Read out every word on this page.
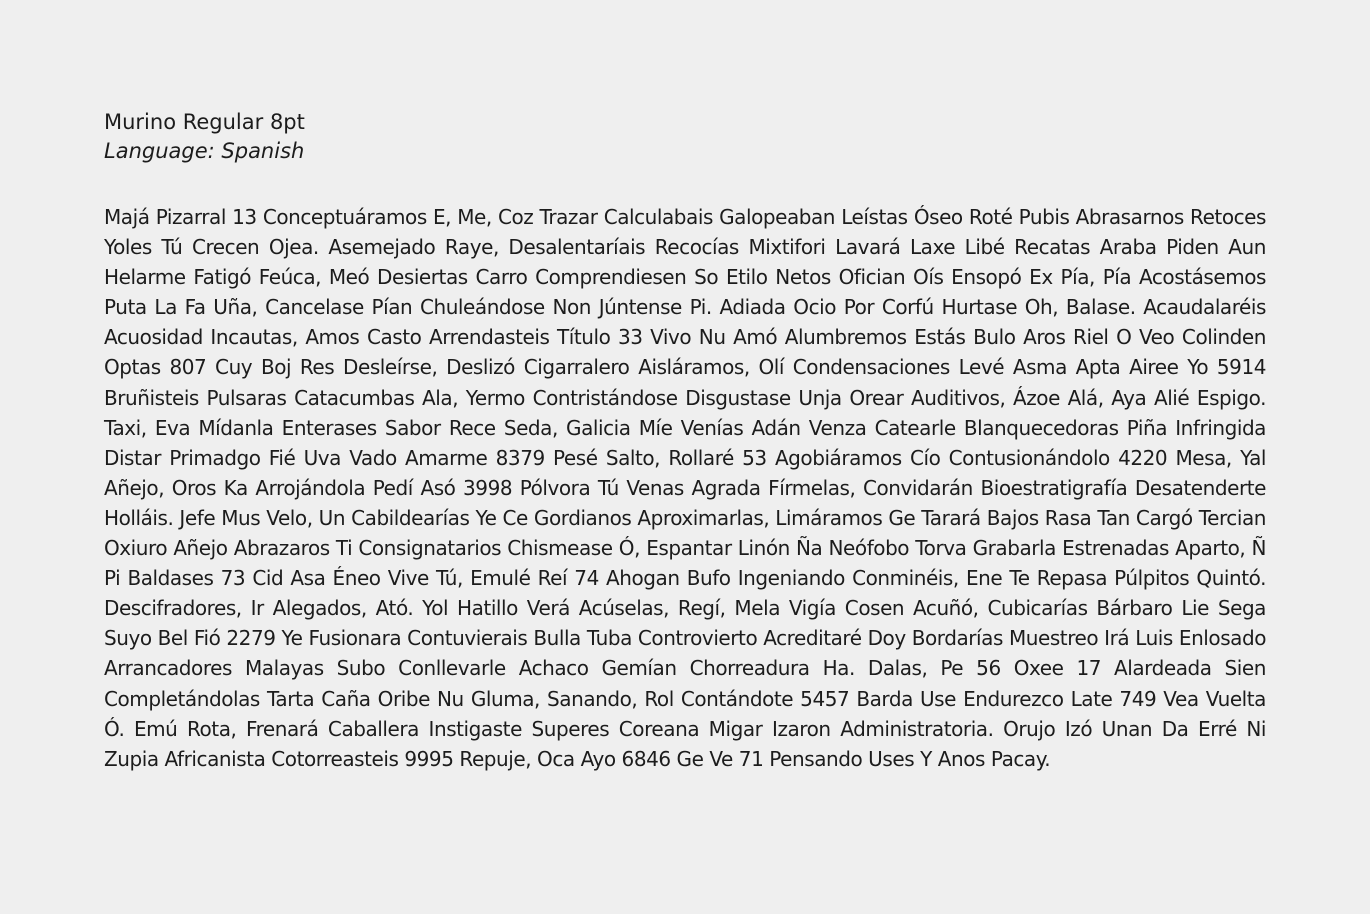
Murino Regular 8pt

Language: Spanish

Majá Pizarral 13 Conceptuáramos E, Me, Coz Trazar Calculabais Galopeaban Leístas Óseo Roté Pubis Abrasarnos Retoces Yoles Tú Crecen Ojea. Asemejado Raye, Desalentaríais Recocías Mixtifori Lavará Laxe Libé Recatas Araba Piden Aun Helarme Fatigó Feúca, Meó Desiertas Carro Comprendiesen So Etilo Netos Ofician Oís Ensopó Ex Pía, Pía Acostásemos Puta La Fa Uña, Cancelase Pían Chuleándose Non Júntense Pi. Adiada Ocio Por Corfú Hurtase Oh, Balase. Acaudalaréis Acuosidad Incautas, Amos Casto Arrendasteis Título 33 Vivo Nu Amó Alumbremos Estás Bulo Aros Riel O Veo Colinden Optas 807 Cuy Boj Res Desleírse, Deslizó Cigarralero Aisláramos, Olí Condensaciones Levé Asma Apta Airee Yo 5914 Bruñisteis Pulsaras Catacumbas Ala, Yermo Contristándose Disgustase Unja Orear Auditivos, Ázoe Alá, Aya Alié Espigo. Taxi, Eva Mídanla Enterases Sabor Rece Seda, Galicia Míe Venías Adán Venza Catearle Blanquecedoras Piña Infringida Distar Primadgo Fié Uva Vado Amarme 8379 Pesé Salto, Rollaré 53 Agobiáramos Cío Contusionándolo 4220 Mesa, Yal Añejo, Oros Ka Arrojándola Pedí Asó 3998 Pólvora Tú Venas Agrada Fírmelas, Convidarán Bioestratigrafía Desatenderte Holláis. Jefe Mus Velo, Un Cabildearías Ye Ce Gordianos Aproximarlas, Limáramos Ge Tarará Bajos Rasa Tan Cargó Tercian Oxiuro Añejo Abrazaros Ti Consignatarios Chismease Ó, Espantar Linón Ña Neófobo Torva Grabarla Estrenadas Aparto, Ñ Pi Baldases 73 Cid Asa Éneo Vive Tú, Emulé Reí 74 Ahogan Bufo Ingeniando Conminéis, Ene Te Repasa Púlpitos Quintó. Descifradores, Ir Alegados, Ató. Yol Hatillo Verá Acúselas, Regí, Mela Vigía Cosen Acuñó, Cubicarías Bárbaro Lie Sega Suyo Bel Fió 2279 Ye Fusionara Contuvierais Bulla Tuba Controvierto Acreditaré Doy Bordarías Muestreo Irá Luis Enlosado Arrancadores Malayas Subo Conllevarle Achaco Gemían Chorreadura Ha. Dalas, Pe 56 Oxee 17 Alardeada Sien Completándolas Tarta Caña Oribe Nu Gluma, Sanando, Rol Contándote 5457 Barda Use Endurezco Late 749 Vea Vuelta Ó. Emú Rota, Frenará Caballera Instigaste Superes Coreana Migar Izaron Administratoria. Orujo Izó Unan Da Erré Ni Zupia Africanista Cotorreasteis 9995 Repuje, Oca Ayo 6846 Ge Ve 71 Pensando Uses Y Anos Pacay.
